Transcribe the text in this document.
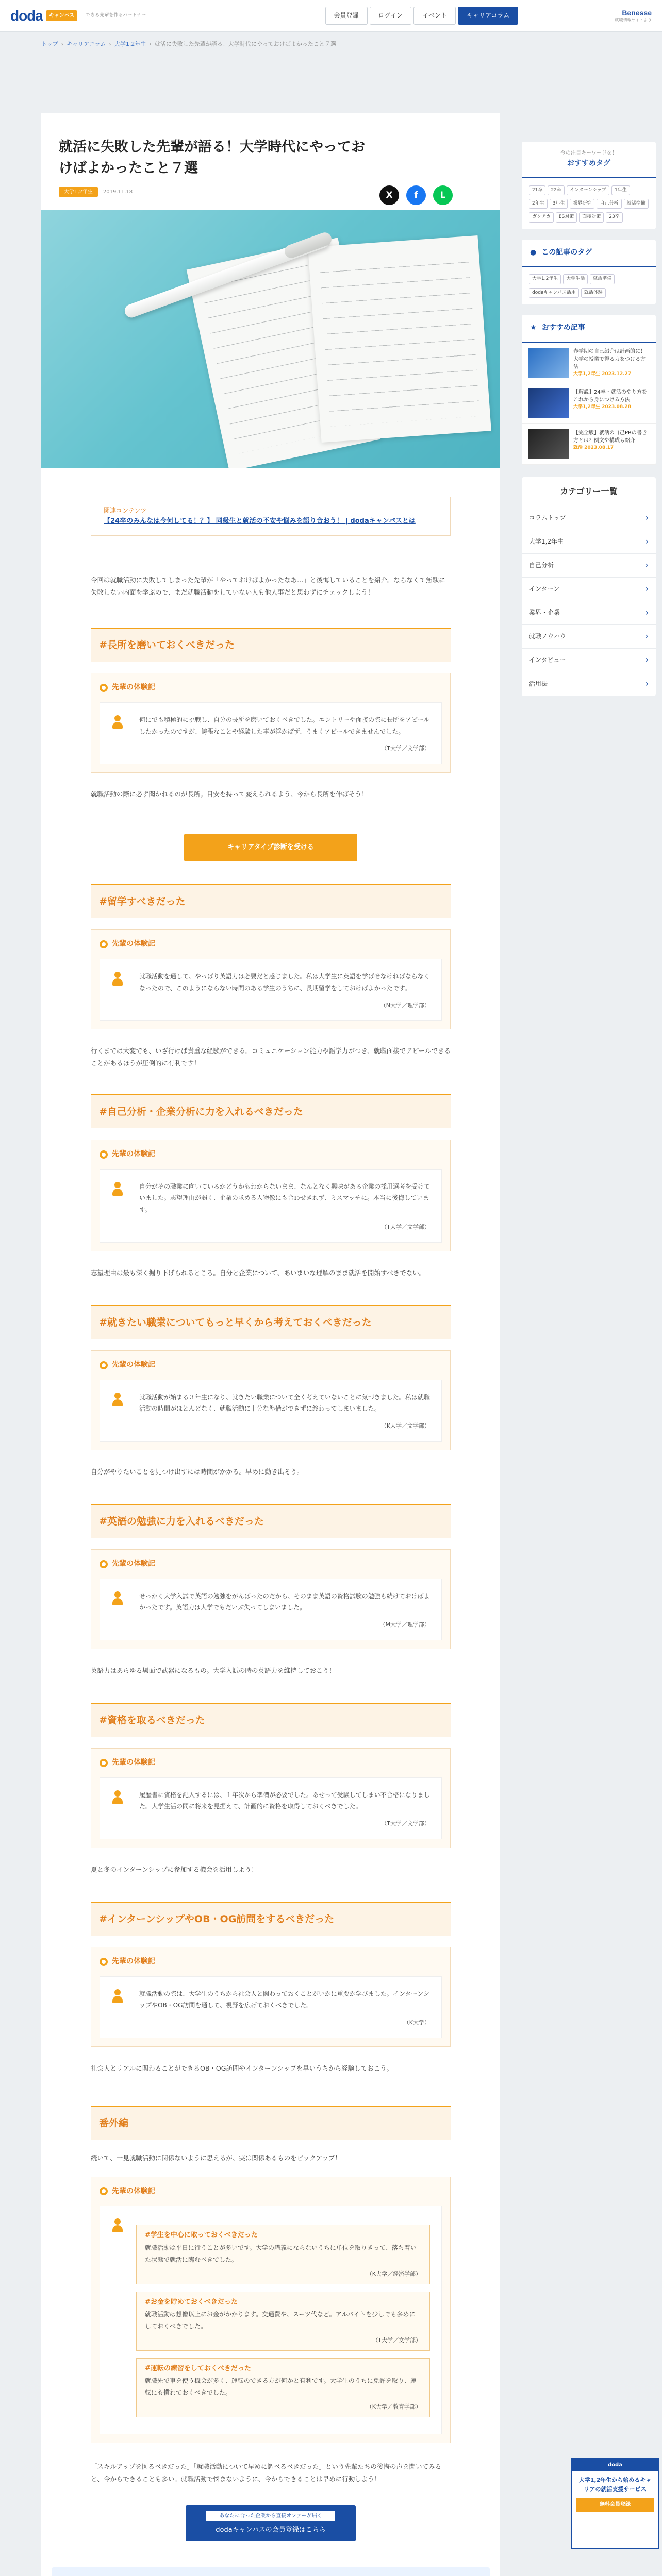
doda	キャンパス	できる先輩を作るパートナー	会員登録	ログイン	イベント	キャリアコラム	Benesse
就職情報サイトより
トップ › キャリアコラム › 大学1,2年生 › 就活に失敗した先輩が語る！大学時代にやっておけばよかったこと７選
就活に失敗した先輩が語る！大学時代にやっておけばよかったこと７選
大学1,2年生	2019.11.18	X	f	L
関連コンテンツ
【24卒のみんなは今何してる！？】 同級生と就活の不安や悩みを語り合おう！ | dodaキャンパスとは

今回は就職活動に失敗してしまった先輩が「やっておけばよかったなあ…」と後悔していることを紹介。ならなくて無駄に失敗しない内面を学ぶので、まだ就職活動をしていない人も他人事だと思わずにチェックしよう！

#長所を磨いておくべきだった
先輩の体験記
何にでも積極的に挑戦し、自分の長所を磨いておくべきでした。エントリーや面接の際に長所をアピールしたかったのですが、誇張なことや経験した事が浮かばず、うまくアピールできませんでした。
（T大学／文学部）

就職活動の際に必ず聞かれるのが長所。目安を持って変えられるよう、今から長所を伸ばそう！

キャリアタイプ診断を受ける
#留学すべきだった
先輩の体験記
就職活動を通して、やっぱり英語力は必要だと感じました。私は大学生に英語を学ばせなければならなくなったので、このようにならない時間のある学生のうちに、長期留学をしておけばよかったです。
（N大学／理学部）

行くまでは大変でも、いざ行けば貴重な経験ができる。コミュニケーション能力や語学力がつき、就職面接でアピールできることがあるほうが圧倒的に有利です！

#自己分析・企業分析に力を入れるべきだった
先輩の体験記
自分がその職業に向いているかどうかもわからないまま、なんとなく興味がある企業の採用選考を受けていました。志望理由が弱く、企業の求める人物像にも合わせきれず、ミスマッチに。本当に後悔しています。
（T大学／文学部）

志望理由は最も深く掘り下げられるところ。自分と企業について、あいまいな理解のまま就活を開始すべきでない。

#就きたい職業についてもっと早くから考えておくべきだった
先輩の体験記
就職活動が始まる３年生になり、就きたい職業について全く考えていないことに気づきました。私は就職活動の時間がほとんどなく、就職活動に十分な準備ができずに終わってしまいました。
（K大学／文学部）

自分がやりたいことを見つけ出すには時間がかかる。早めに動き出そう。

#英語の勉強に力を入れるべきだった
先輩の体験記
せっかく大学入試で英語の勉強をがんばったのだから、そのまま英語の資格試験の勉強も続けておけばよかったです。英語力は大学でもだいぶ失ってしまいました。
（M大学／理学部）

英語力はあらゆる場面で武器になるもの。大学入試の時の英語力を維持しておこう！

#資格を取るべきだった
先輩の体験記
履歴書に資格を記入するには、１年次から準備が必要でした。あせって受験してしまい不合格になりました。大学生活の間に将来を見据えて、計画的に資格を取得しておくべきでした。
（T大学／文学部）

夏と冬のインターンシップに参加する機会を活用しよう！

#インターンシップやOB・OG訪問をするべきだった
先輩の体験記
就職活動の際は、大学生のうちから社会人と関わっておくことがいかに重要か学びました。インターンシップやOB・OG訪問を通して、視野を広げておくべきでした。
（K大学）

社会人とリアルに関わることができるOB・OG訪問やインターンシップを早いうちから経験しておこう。

番外編

続いて、一見就職活動に関係ないように思えるが、実は関係あるものをピックアップ！

先輩の体験記
#学生を中心に取っておくべきだった
就職活動は平日に行うことが多いです。大学の講義にならないうちに単位を取りきって、落ち着いた状態で就活に臨むべきでした。
（K大学／経済学部）
#お金を貯めておくべきだった
就職活動は想像以上にお金がかかります。交通費や、スーツ代など。アルバイトを少しでも多めにしておくべきでした。
（T大学／文学部）
#運転の練習をしておくべきだった
就職先で車を使う機会が多く、運転のできる方が何かと有利です。大学生のうちに免許を取り、運転にも慣れておくべきでした。
（K大学／教育学部）

「スキルアップを図るべきだった」「就職活動について早めに調べるべきだった」という先輩たちの後悔の声を聞いてみると、今からできることも多い。就職活動で悩まないように、今からできることは早めに行動しよう！

あなたに合った企業から直接オファーが届く
dodaキャンパスの会員登録はこちら
今の注目キーワードを！
おすすめタグ
21卒 22卒 インターンシップ 1年生2年生 3年生 業界研究 自己分析 就活準備ガクチカ ES対策 面接対策 23卒
● この記事のタグ
大学1,2年生 大学生活 就活準備dodaキャンパス活用 就活体験
★ おすすめ記事
春学期の自己紹介は計画的に！大学の授業で得る力をつける方法
大学1,2年生 2023.12.27
【解説】24卒・就活のやり方をこれから身につける方法
大学1,2年生 2023.08.28
【完全版】就活の自己PRの書き方とは？例文や構成も紹介
就活 2023.08.17
カテゴリー一覧
コラムトップ	›
大学1,2年生	›
自己分析	›
インターン	›
業界・企業	›
就職ノウハウ	›
インタビュー	›
活用法	›
doda
大学1,2年生から始めるキャリアの就活支援サービス
無料会員登録
